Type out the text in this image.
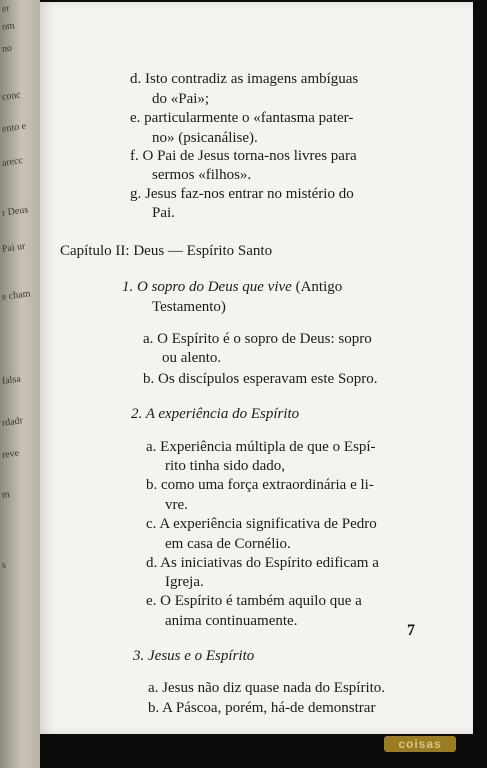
er
om
no
conc
ento e
arecc
r Deus
Pai ur
e cham
falsa
rdadr
reve
m
s
d. Isto contradiz as imagens ambíguas
do «Pai»;
e. particularmente o «fantasma pater-
no» (psicanálise).
f. O Pai de Jesus torna-nos livres para
sermos «filhos».
g. Jesus faz-nos entrar no mistério do
Pai.
Capítulo II: Deus — Espírito Santo
1. O sopro do Deus que vive (Antigo
Testamento)
a. O Espírito é o sopro de Deus: sopro
ou alento.
b. Os discípulos esperavam este Sopro.
2. A experiência do Espírito
a. Experiência múltipla de que o Espí-
rito tinha sido dado,
b. como uma força extraordinária e li-
vre.
c. A experiência significativa de Pedro
em casa de Cornélio.
d. As iniciativas do Espírito edificam a
Igreja.
e. O Espírito é também aquilo que a
anima continuamente.
3. Jesus e o Espírito
a. Jesus não diz quase nada do Espírito.
b. A Páscoa, porém, há-de demonstrar
7
coisas
